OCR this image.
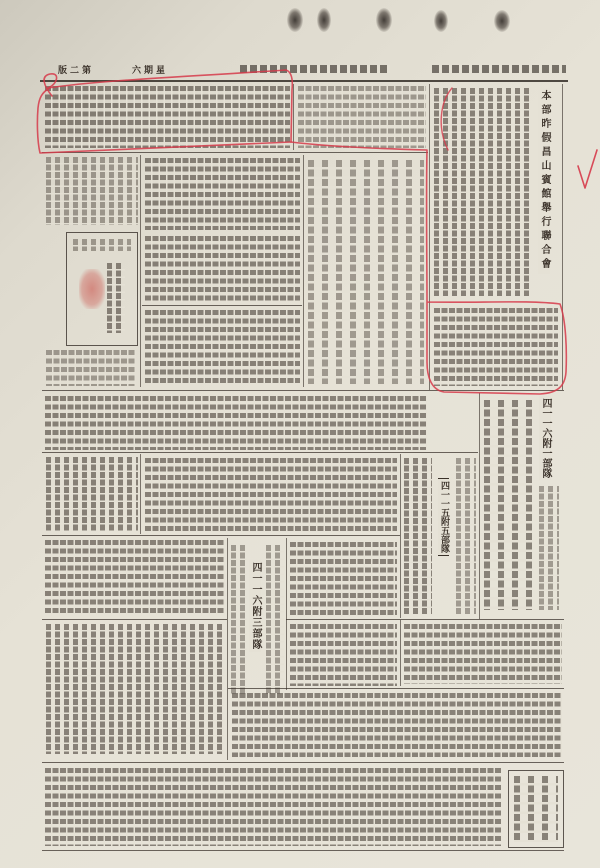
第二版	星期六
本部昨假昌山賓館舉行聯合會
四一一六附一部隊
四一一五附五部隊
四一一六附三部隊
